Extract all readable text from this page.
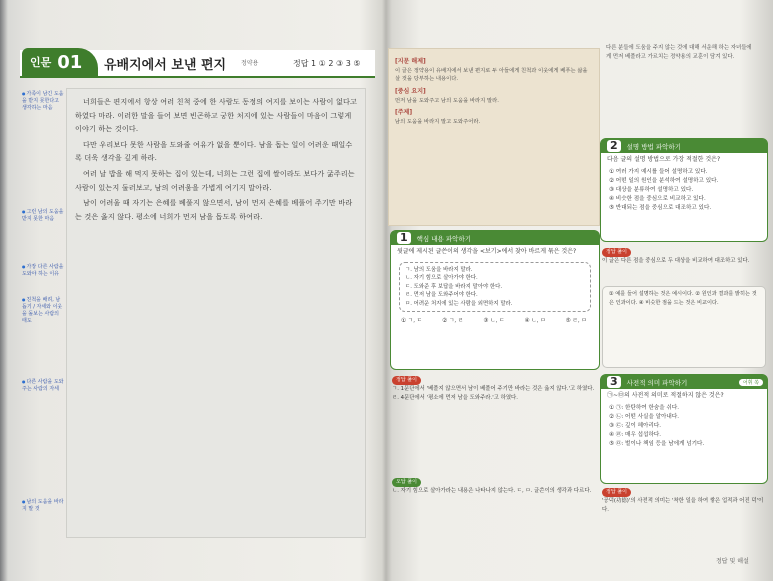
인문 01 유배지에서 보낸 편지 정약용	정답 1 ① 2 ③ 3 ⑤
● 가족이 남긴 도움을 받지 못한다고 생각하는 마음
● 그런 남의 도움을 받지 못한 마음
● 가장 다른 사람을 도와야 하는 이유
● 친척을 배려, 남 돕기 / 자세와 이웃을 돌보는 사람의 태도
● 다른 사람을 도와주는 사람의 자세
● 남의 도움을 바라지 말 것

너희들은 편지에서 항상 여러 친척 중에 한 사람도 동정의 여지를 보이는 사람이 없다고 하였다 마라. 이러한 말을 들어 보면 빈곤하고 궁한 처지에 있는 사람들이 마음이 그렇게 이야기 하는 것이다.

다만 우리보다 못한 사람을 도와줄 여유가 없을 뿐이다. 남을 돕는 일이 어려운 때일수록 더욱 생각을 깊게 하라.

여러 날 밥을 해 먹지 못하는 집이 있는데, 너희는 그런 집에 쌀이라도 보다가 굶주리는 사람이 있는지 둘러보고, 남의 어려움을 가볍게 여기지 말아라.

남이 어려울 때 자기는 은혜를 베풀지 않으면서, 남이 먼저 은혜를 베풀어 주기만 바라는 것은 옳지 않다. 평소에 너희가 먼저 남을 돕도록 하여라.

[지문 해제]
이 글은 정약용이 유배지에서 보낸 편지로 두 아들에게 친척과 이웃에게 베푸는 삶을 살 것을 당부하는 내용이다.
[중심 요지]
먼저 남을 도와주고 남의 도움을 바라지 말라.
[주제]
남의 도움을 바라지 말고 도와주어라.
다른 분들에 도움을 주지 않는 것에 대해 서운해 하는 자녀들에게 먼저 베풀라고 가르치는 정약용의 교훈이 담겨 있다.
1	핵심 내용 파악하기
윗글에 제시된 글쓴이의 생각을 <보기>에서 찾아 바르게 묶은 것은?
ㄱ. 남의 도움을 바라지 말라.
ㄴ. 자기 힘으로 살아가야 한다.
ㄷ. 도와준 후 보답을 바라지 말아야 한다.
ㄹ. 먼저 남을 도와주어야 한다.
ㅁ. 어려운 처지에 있는 사람을 외면하지 말라.
① ㄱ, ㄷ	② ㄱ, ㄹ	③ ㄴ, ㄷ	④ ㄴ, ㅁ	⑤ ㄹ, ㅁ
정답 풀이
ㄱ. 1문단에서 '베풀지 않으면서 남이 베풀어 주기만 바라는 것은 옳지 않다.'고 하였다. ㄹ. 4문단에서 '평소에 먼저 남을 도와주라.'고 하였다.
오답 풀이
ㄴ. 자기 힘으로 살아가라는 내용은 나타나지 않는다. ㄷ, ㅁ. 글쓴이의 생각과 다르다.
2	설명 방법 파악하기
다음 글의 설명 방법으로 가장 적절한 것은?
① 여러 가지 예시를 들어 설명하고 있다.
② 어떤 일의 원인을 분석하여 설명하고 있다.
③ 대상을 분류하여 설명하고 있다.
④ 비슷한 점을 중심으로 비교하고 있다.
⑤ 반대되는 점을 중심으로 대조하고 있다.
정답 풀이
이 글은 다른 점을 중심으로 두 대상을 비교하여 대조하고 있다.
① 예를 들어 설명하는 것은 예시이다. ② 원인과 결과를 밝히는 것은 인과이다. ④ 비슷한 점을 드는 것은 비교이다.
3	사전적 의미 파악하기	어휘 쏙
㉠~㉤의 사전적 의미로 적절하지 않은 것은?
① ㉠: 한탄하여 한숨을 쉬다.
② ㉡: 어떤 사실을 알아내다.
③ ㉢: 깊이 헤아리다.
④ ㉣: 매우 섭섭하다.
⑤ ㉤: 벌이나 책임 등을 남에게 넘기다.
정답 풀이
'공덕(功德)'의 사전적 의미는 '착한 일을 하여 쌓은 업적과 어진 덕'이다.
정답 및 해설
